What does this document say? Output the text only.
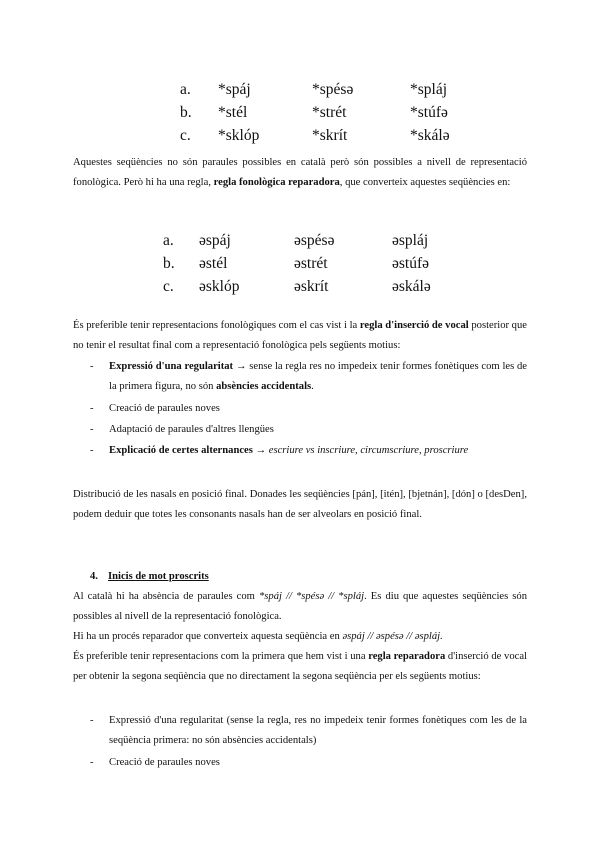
a. *spáj	*spésə	*spláj
b. *stél	*strét	*stúfə
c. *sklóp	*skrít	*skálə
Aquestes seqüències no són paraules possibles en català però són possibles a nivell de representació fonològica. Però hi ha una regla, regla fonològica reparadora, que converteix aquestes seqüències en:
a. əspáj	əspésə	əspláj
b. əstél	əstrét	əstúfə
c. əsklóp	əskrít	əskálə
És preferible tenir representacions fonològiques com el cas vist i la regla d'inserció de vocal posterior que no tenir el resultat final com a representació fonològica pels següents motius:
- Expressió d'una regularitat → sense la regla res no impedeix tenir formes fonètiques com les de la primera figura, no són absències accidentals.
- Creació de paraules noves
- Adaptació de paraules d'altres llengües
- Explicació de certes alternances → escriure vs inscriure, circumscriure, proscriure
Distribució de les nasals en posició final. Donades les seqüències [pán], [itén], [bjetnán], [dón] o [desDen], podem deduir que totes les consonants nasals han de ser alveolars en posició final.
4. Inicis de mot proscrits
Al català hi ha absència de paraules com *spáj // *spésə // *spláj. Es diu que aquestes seqüències són possibles al nivell de la representació fonològica.
Hi ha un procés reparador que converteix aquesta seqüència en əspáj // əspésə // əspláj.
És preferible tenir representacions com la primera que hem vist i una regla reparadora d'inserció de vocal per obtenir la segona seqüència que no directament la segona seqüència per els següents motius:
- Expressió d'una regularitat (sense la regla, res no impedeix tenir formes fonètiques com les de la seqüència primera: no són absències accidentals)
- Creació de paraules noves
